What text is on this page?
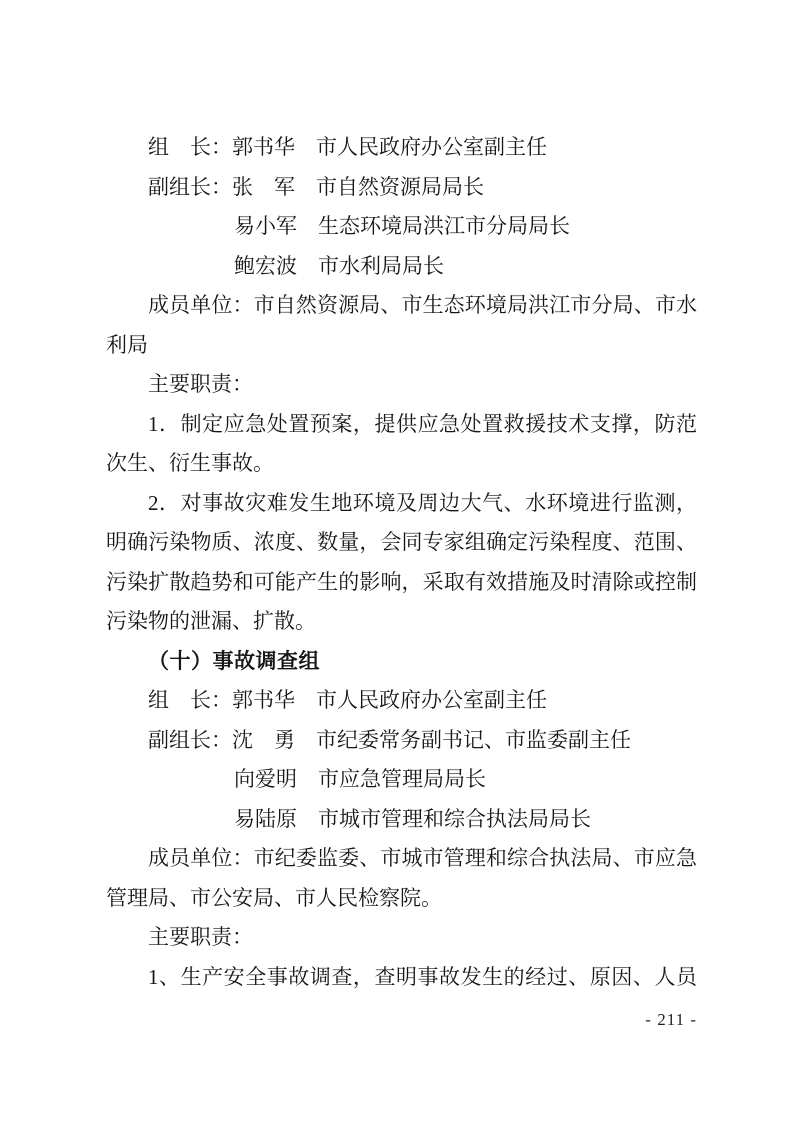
组　长：郭书华　市人民政府办公室副主任
副组长：张　军　市自然资源局局长
易小军　生态环境局洪江市分局局长
鲍宏波　市水利局局长
成员单位：市自然资源局、市生态环境局洪江市分局、市水
利局
主要职责：
1．制定应急处置预案，提供应急处置救援技术支撑，防范
次生、衍生事故。
2．对事故灾难发生地环境及周边大气、水环境进行监测，
明确污染物质、浓度、数量，会同专家组确定污染程度、范围、
污染扩散趋势和可能产生的影响，采取有效措施及时清除或控制
污染物的泄漏、扩散。
（十）事故调查组
组　长：郭书华　市人民政府办公室副主任
副组长：沈　勇　市纪委常务副书记、市监委副主任
向爱明　市应急管理局局长
易陆原　市城市管理和综合执法局局长
成员单位：市纪委监委、市城市管理和综合执法局、市应急
管理局、市公安局、市人民检察院。
主要职责：
1、生产安全事故调查，查明事故发生的经过、原因、人员
- 211 -
